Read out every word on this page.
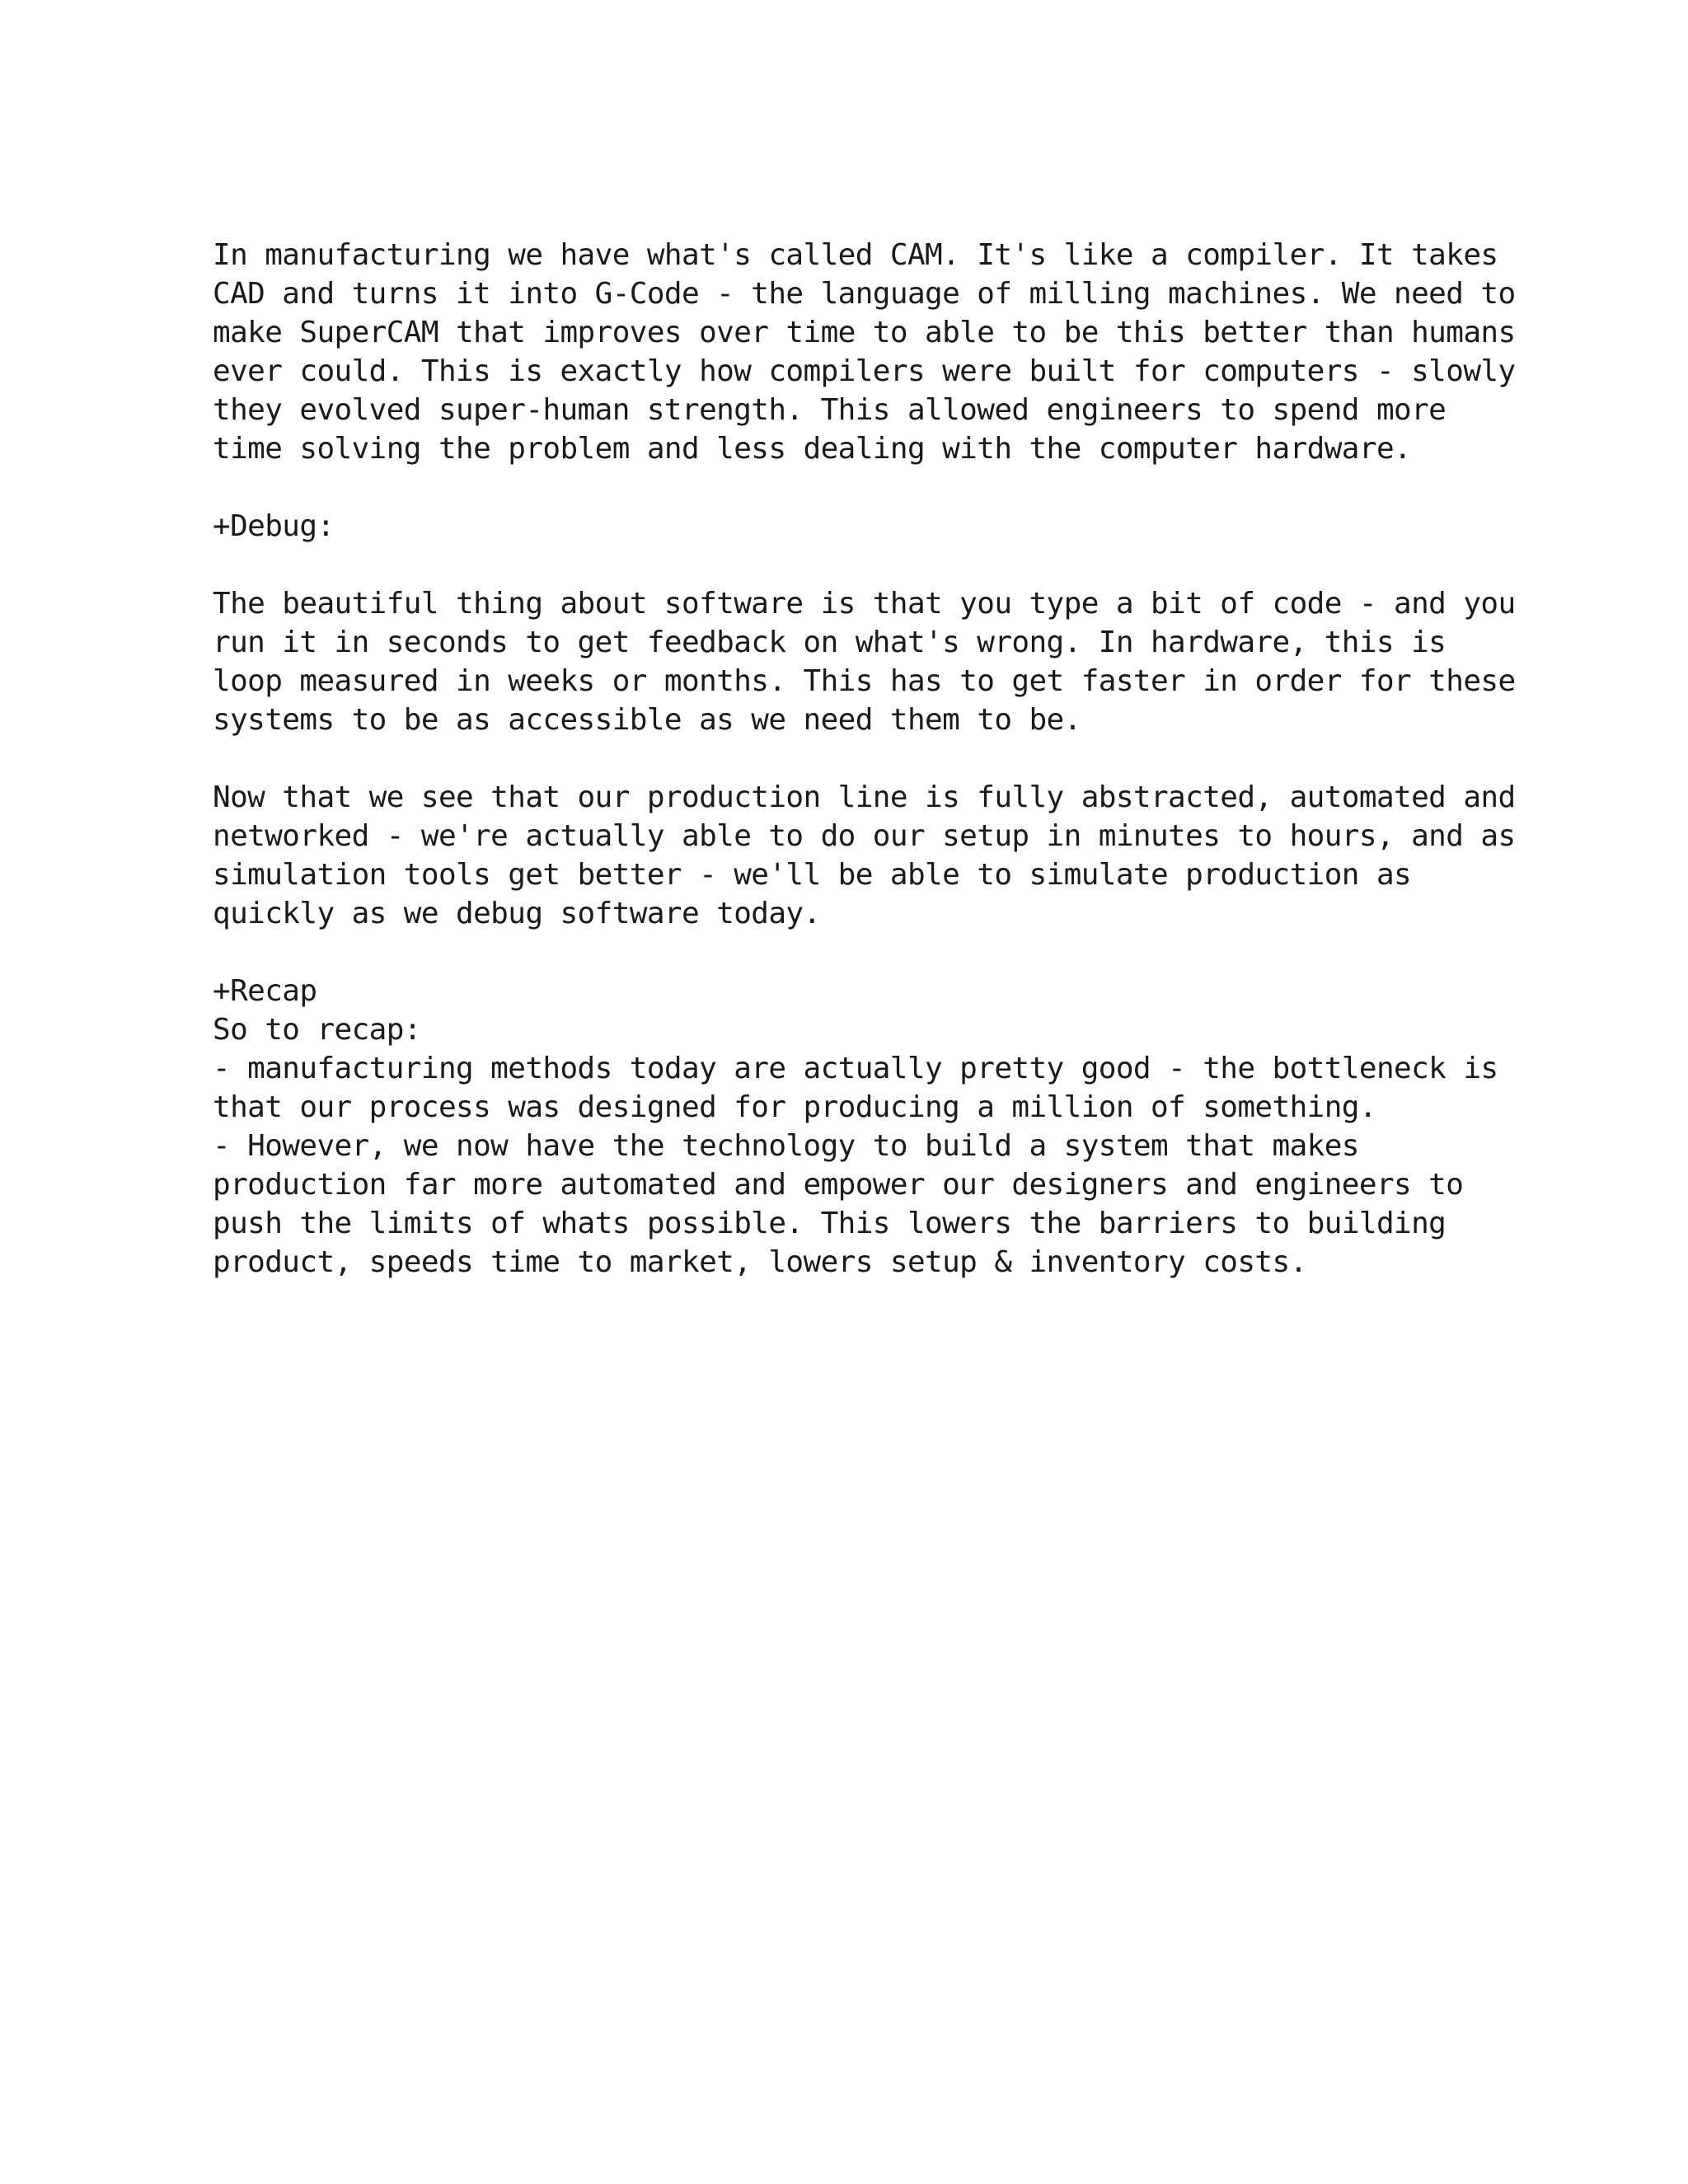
In manufacturing we have what's called CAM. It's like a compiler. It takes
CAD and turns it into G-Code - the language of milling machines. We need to
make SuperCAM that improves over time to able to be this better than humans
ever could. This is exactly how compilers were built for computers - slowly
they evolved super-human strength. This allowed engineers to spend more
time solving the problem and less dealing with the computer hardware.
+Debug:
The beautiful thing about software is that you type a bit of code - and you
run it in seconds to get feedback on what's wrong. In hardware, this is
loop measured in weeks or months. This has to get faster in order for these
systems to be as accessible as we need them to be.
Now that we see that our production line is fully abstracted, automated and
networked - we're actually able to do our setup in minutes to hours, and as
simulation tools get better - we'll be able to simulate production as
quickly as we debug software today.
+Recap
So to recap:
- manufacturing methods today are actually pretty good - the bottleneck is
that our process was designed for producing a million of something.
- However, we now have the technology to build a system that makes
production far more automated and empower our designers and engineers to
push the limits of whats possible. This lowers the barriers to building
product, speeds time to market, lowers setup & inventory costs.
